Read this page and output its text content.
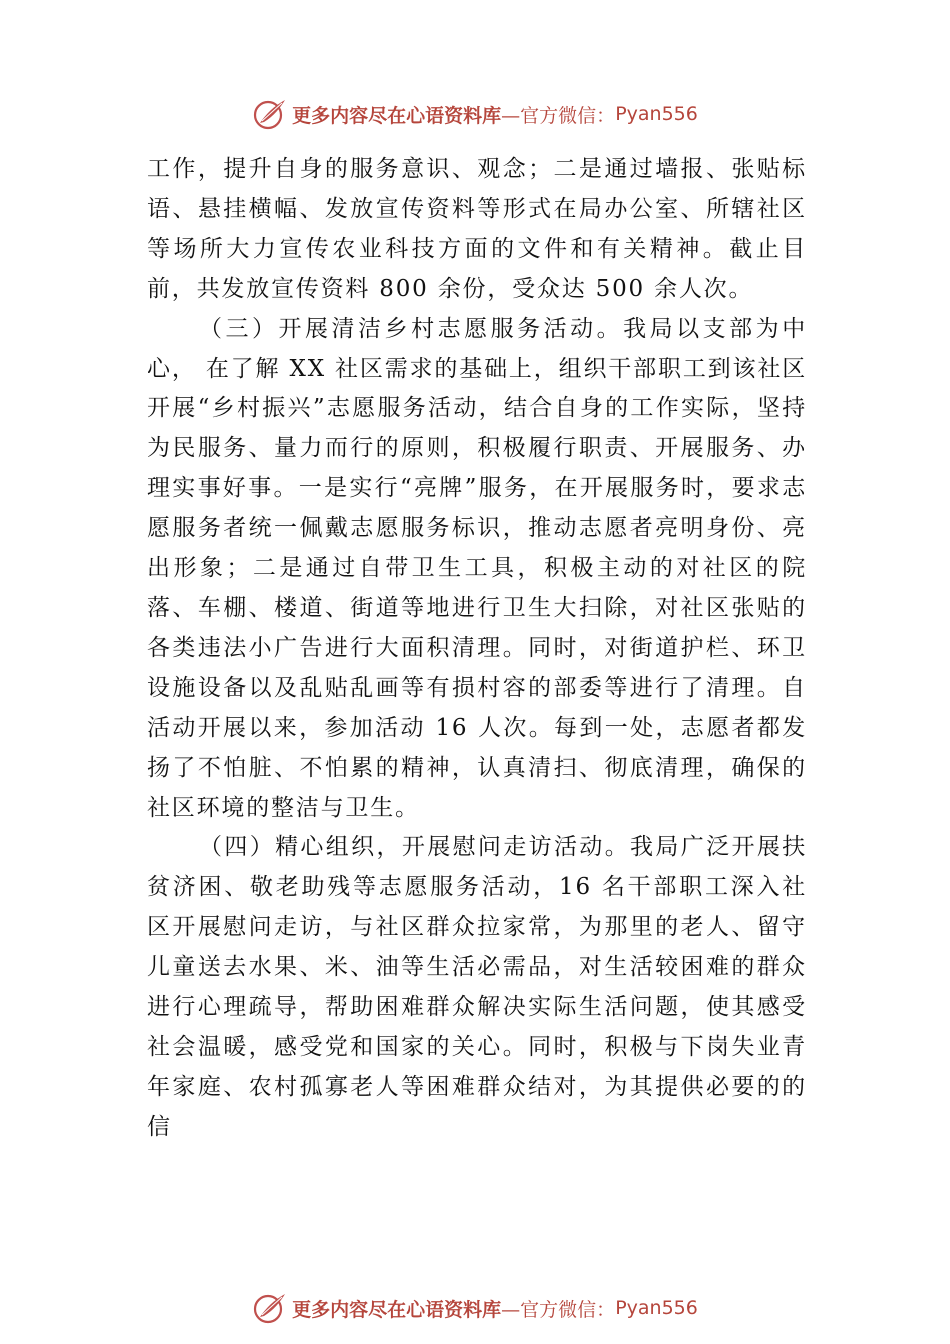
更多内容尽在心语资料库 —官方微信： Pyan556

工作，提升自身的服务意识、观念；二是通过墙报、张贴标语、悬挂横幅、发放宣传资料等形式在局办公室、所辖社区等场所大力宣传农业科技方面的文件和有关精神。截止目前，共发放宣传资料 800 余份，受众达 500 余人次。

（三）开展清洁乡村志愿服务活动。我局以支部为中心， 在了解 XX 社区需求的基础上，组织干部职工到该社区开展“乡村振兴”志愿服务活动，结合自身的工作实际，坚持为民服务、量力而行的原则，积极履行职责、开展服务、办理实事好事。一是实行“亮牌”服务，在开展服务时，要求志愿服务者统一佩戴志愿服务标识，推动志愿者亮明身份、亮出形象；二是通过自带卫生工具，积极主动的对社区的院落、车棚、楼道、街道等地进行卫生大扫除，对社区张贴的各类违法小广告进行大面积清理。同时，对街道护栏、环卫设施设备以及乱贴乱画等有损村容的部委等进行了清理。自活动开展以来，参加活动 16 人次。每到一处，志愿者都发扬了不怕脏、不怕累的精神，认真清扫、彻底清理，确保的社区环境的整洁与卫生。

（四）精心组织，开展慰问走访活动。我局广泛开展扶贫济困、敬老助残等志愿服务活动，16 名干部职工深入社区开展慰问走访，与社区群众拉家常，为那里的老人、留守儿童送去水果、米、油等生活必需品，对生活较困难的群众进行心理疏导，帮助困难群众解决实际生活问题，使其感受社会温暖，感受党和国家的关心。同时，积极与下岗失业青年家庭、农村孤寡老人等困难群众结对，为其提供必要的的信

更多内容尽在心语资料库 —官方微信： Pyan556
